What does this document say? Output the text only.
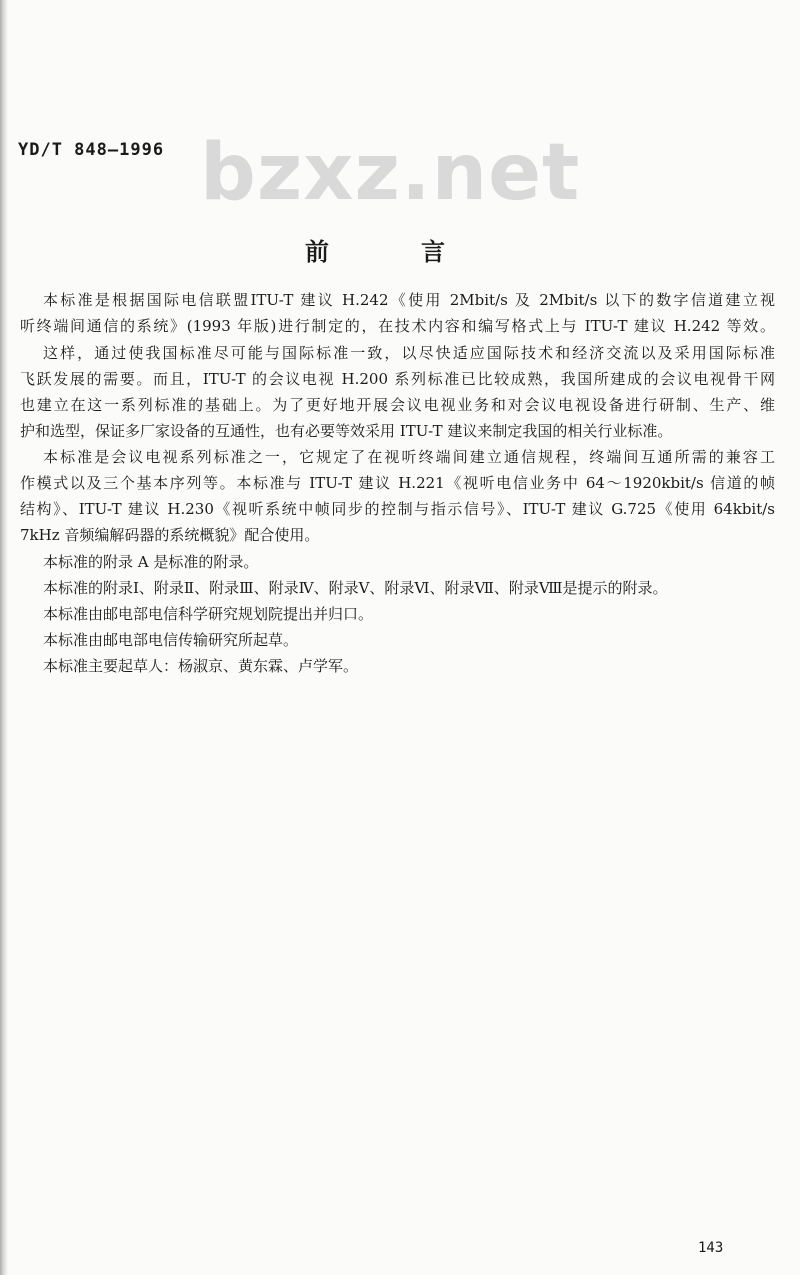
YD/T 848—1996 bzxz.net
前	言
本标准是根据国际电信联盟ITU-T 建议 H.242《使用 2Mbit/s 及 2Mbit/s 以下的数字信道建立视
听终端间通信的系统》(1993 年版)进行制定的，在技术内容和编写格式上与 ITU-T 建议 H.242 等效。
这样，通过使我国标准尽可能与国际标准一致，以尽快适应国际技术和经济交流以及采用国际标准
飞跃发展的需要。而且，ITU-T 的会议电视 H.200 系列标准已比较成熟，我国所建成的会议电视骨干网
也建立在这一系列标准的基础上。为了更好地开展会议电视业务和对会议电视设备进行研制、生产、维
护和选型，保证多厂家设备的互通性，也有必要等效采用 ITU-T 建议来制定我国的相关行业标准。
本标准是会议电视系列标准之一，它规定了在视听终端间建立通信规程，终端间互通所需的兼容工
作模式以及三个基本序列等。本标准与 ITU-T 建议 H.221《视听电信业务中 64～1920kbit/s 信道的帧
结构》、ITU-T 建议 H.230《视听系统中帧同步的控制与指示信号》、ITU-T 建议 G.725《使用 64kbit/s
7kHz 音频编解码器的系统概貌》配合使用。
本标准的附录 A 是标准的附录。
本标准的附录Ⅰ、附录Ⅱ、附录Ⅲ、附录Ⅳ、附录Ⅴ、附录Ⅵ、附录Ⅶ、附录Ⅷ是提示的附录。
本标准由邮电部电信科学研究规划院提出并归口。
本标准由邮电部电信传输研究所起草。
本标准主要起草人：杨淑京、黄东霖、卢学军。
143
